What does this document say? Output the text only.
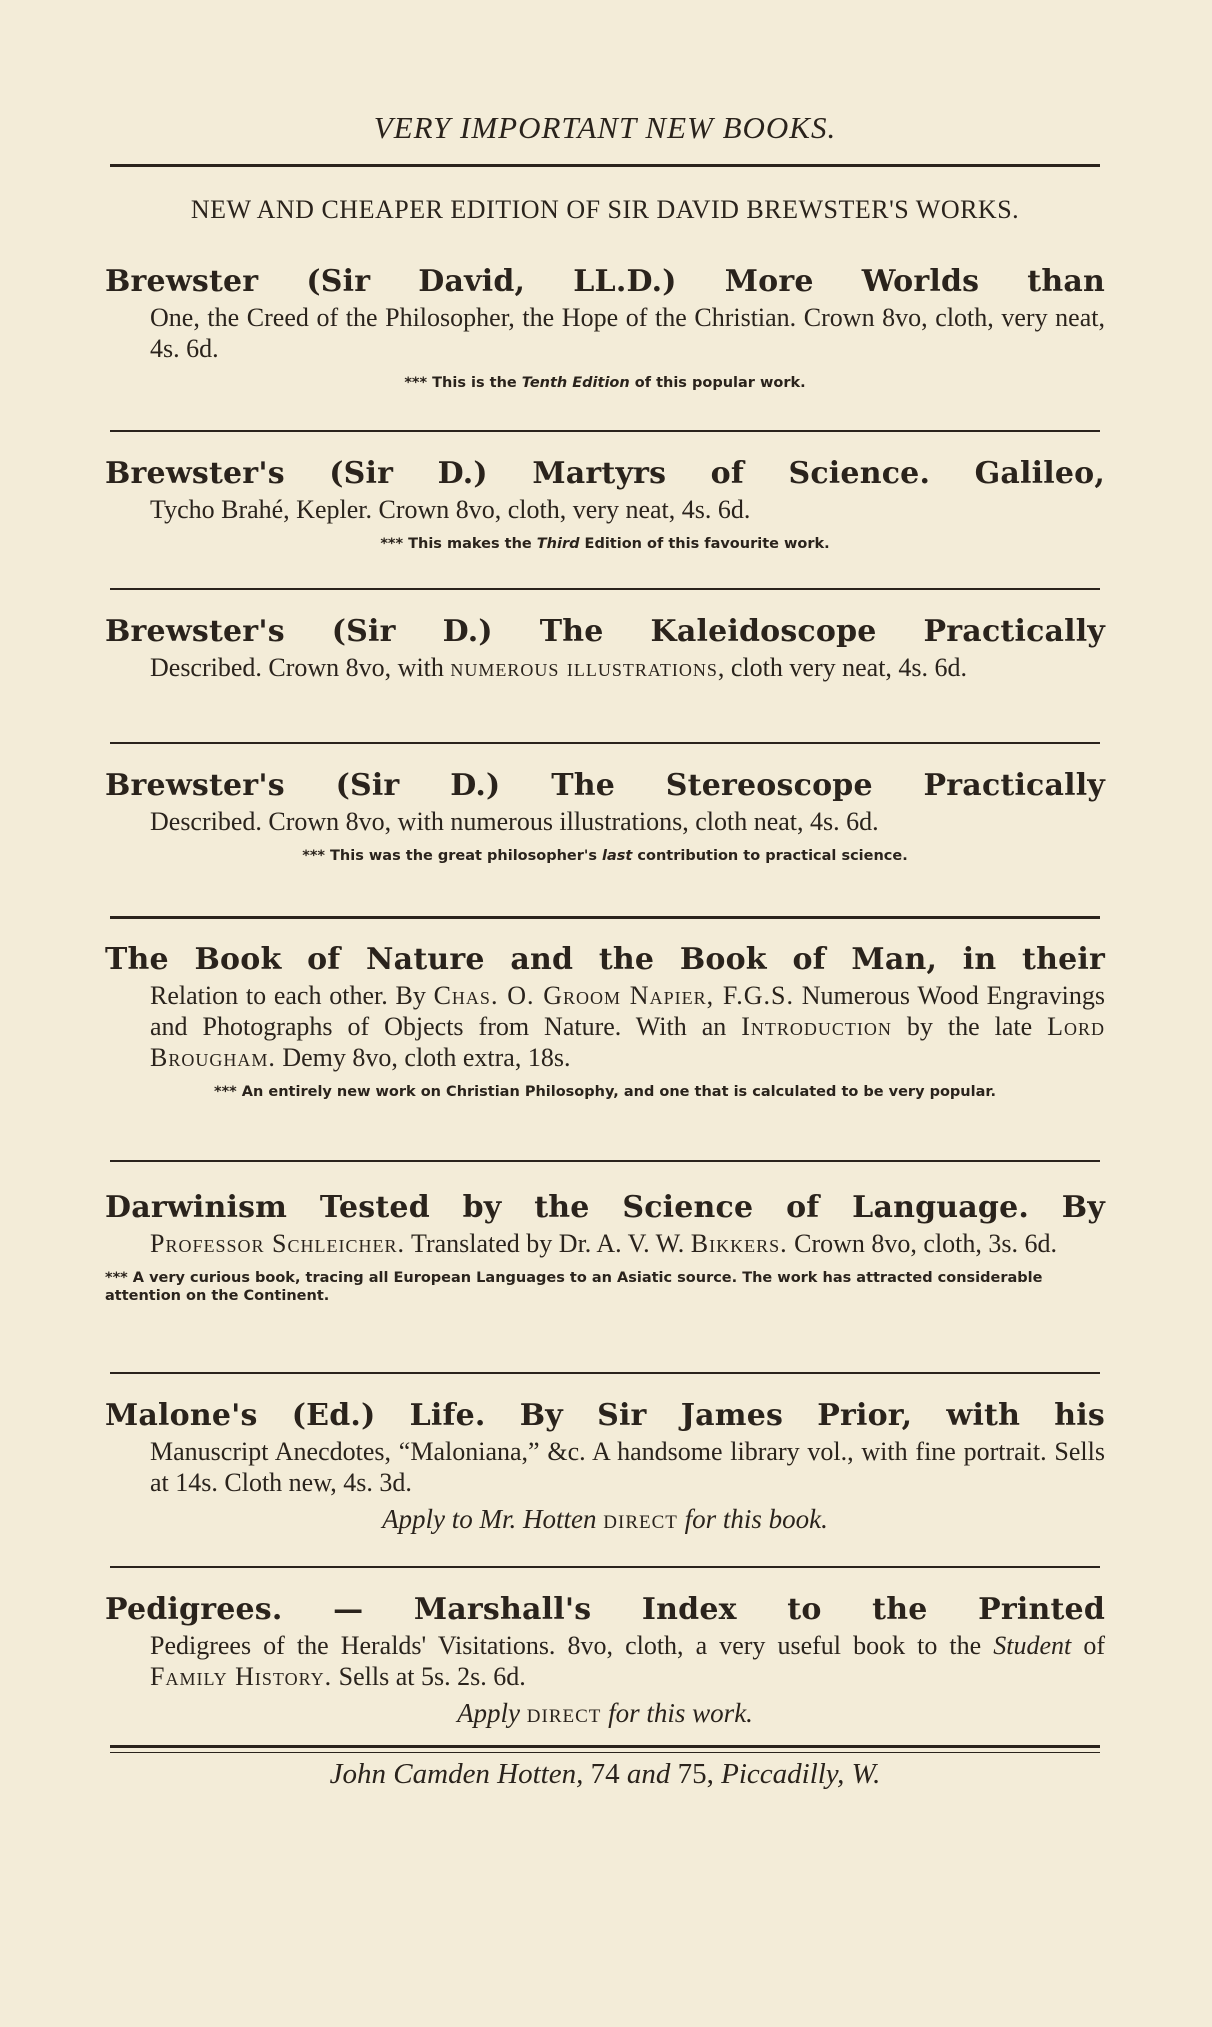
VERY IMPORTANT NEW BOOKS.
NEW AND CHEAPER EDITION OF SIR DAVID BREWSTER'S WORKS.
Brewster (Sir David, LL.D.) More Worlds than
One, the Creed of the Philosopher, the Hope of the Christian. Crown 8vo, cloth, very neat, 4s. 6d.
*** This is the Tenth Edition of this popular work.
Brewster's (Sir D.) Martyrs of Science. Galileo,
Tycho Brahé, Kepler. Crown 8vo, cloth, very neat, 4s. 6d.
*** This makes the Third Edition of this favourite work.
Brewster's (Sir D.) The Kaleidoscope Practically
Described. Crown 8vo, with numerous illustrations, cloth very neat, 4s. 6d.
Brewster's (Sir D.) The Stereoscope Practically
Described. Crown 8vo, with numerous illustrations, cloth neat, 4s. 6d.
*** This was the great philosopher's last contribution to practical science.
The Book of Nature and the Book of Man, in their
Relation to each other. By Chas. O. Groom Napier, F.G.S. Numerous Wood Engravings and Photographs of Objects from Nature. With an Introduction by the late Lord Brougham. Demy 8vo, cloth extra, 18s.
*** An entirely new work on Christian Philosophy, and one that is calculated to be very popular.
Darwinism Tested by the Science of Language. By
Professor Schleicher. Translated by Dr. A. V. W. Bikkers. Crown 8vo, cloth, 3s. 6d.
*** A very curious book, tracing all European Languages to an Asiatic source. The work has attracted considerable attention on the Continent.
Malone's (Ed.) Life. By Sir James Prior, with his
Manuscript Anecdotes, “Maloniana,” &c. A handsome library vol., with fine portrait. Sells at 14s. Cloth new, 4s. 3d.
Apply to Mr. Hotten direct for this book.
Pedigrees. — Marshall's Index to the Printed
Pedigrees of the Heralds' Visitations. 8vo, cloth, a very useful book to the Student of Family History. Sells at 5s. 2s. 6d.
Apply direct for this work.
John Camden Hotten, 74 and 75, Piccadilly, W.
